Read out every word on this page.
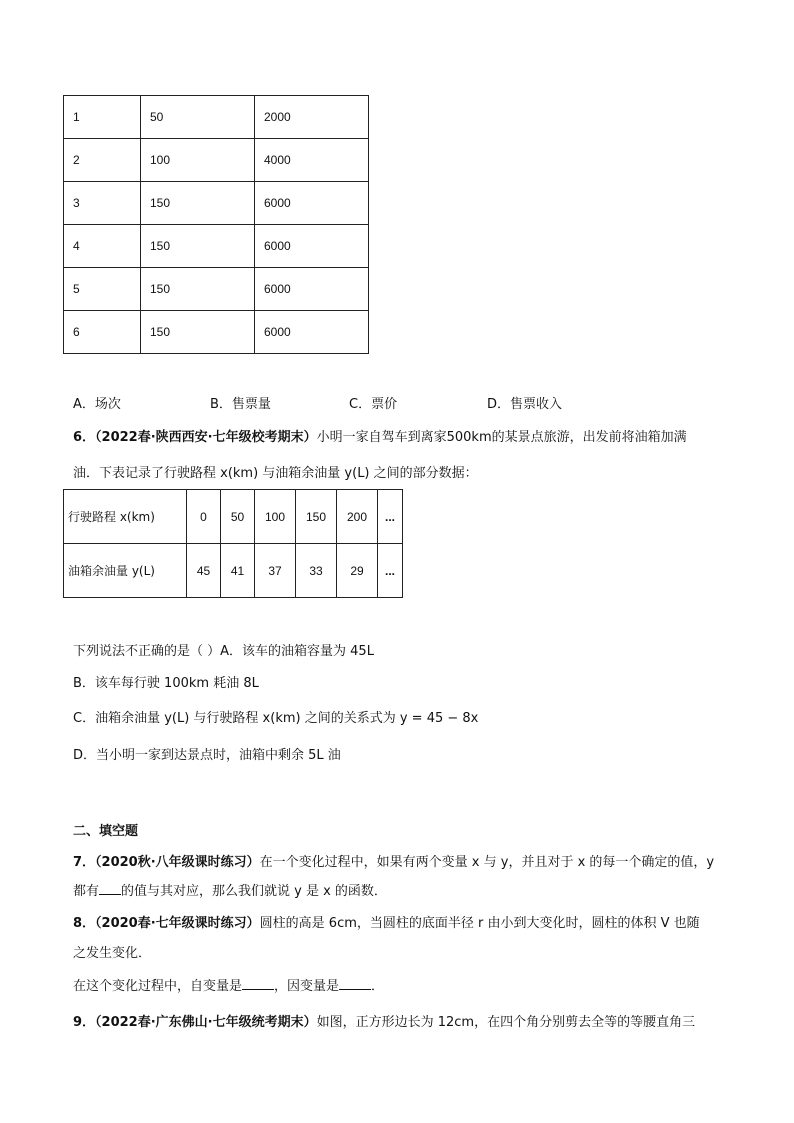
1	50	2000
2	100	4000
3	150	6000
4	150	6000
5	150	6000
6	150	6000
A．场次	B．售票量	C．票价	D．售票收入
6．（2022春·陕西西安·七年级校考期末）小明一家自驾车到离家500km的某景点旅游，出发前将油箱加满
油．下表记录了行驶路程 x(km) 与油箱余油量 y(L) 之间的部分数据：
行驶路程 x(km)	0	50	100	150	200	...
油箱余油量 y(L)	45	41	37	33	29	...
下列说法不正确的是（ ）A．该车的油箱容量为 45L
B．该车每行驶 100km 耗油 8L
C．油箱余油量 y(L) 与行驶路程 x(km) 之间的关系式为 y = 45 − 8x
D．当小明一家到达景点时，油箱中剩余 5L 油
二、填空题
7．（2020秋·八年级课时练习）在一个变化过程中，如果有两个变量 x 与 y，并且对于 x 的每一个确定的值，y
都有 的值与其对应，那么我们就说 y 是 x 的函数．
8．（2020春·七年级课时练习）圆柱的高是 6cm，当圆柱的底面半径 r 由小到大变化时，圆柱的体积 V 也随
之发生变化．
在这个变化过程中，自变量是 ，因变量是 ．
9．（2022春·广东佛山·七年级统考期末）如图，正方形边长为 12cm，在四个角分别剪去全等的等腰直角三
